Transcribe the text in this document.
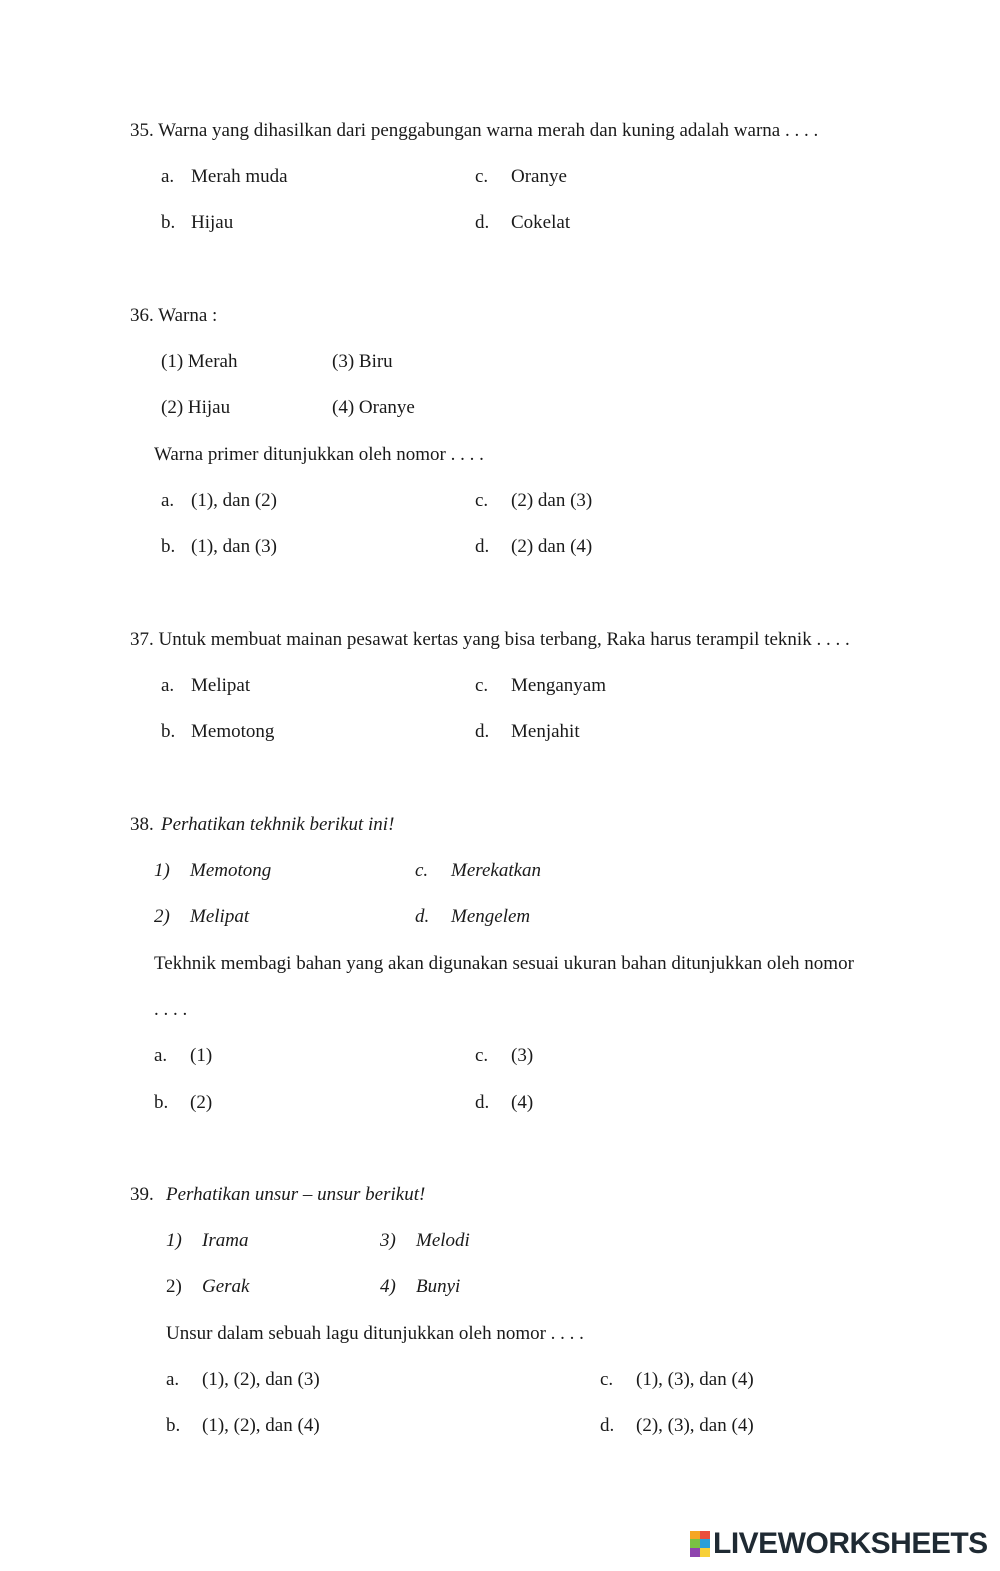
35. Warna yang dihasilkan dari penggabungan warna merah dan kuning adalah warna . . . .
a. Merah muda	c. Oranye
b. Hijau	d. Cokelat
36. Warna :
(1) Merah	(3) Biru
(2) Hijau	(4) Oranye
Warna primer ditunjukkan oleh nomor . . . .
a. (1), dan (2)	c. (2) dan (3)
b. (1), dan (3)	d. (2) dan (4)
37. Untuk membuat mainan pesawat kertas yang bisa terbang, Raka harus terampil teknik . . . .
a. Melipat	c. Menganyam
b. Memotong	d. Menjahit
38. Perhatikan tekhnik berikut ini!
1) Memotong	c. Merekatkan
2) Melipat	d. Mengelem
Tekhnik membagi bahan yang akan digunakan sesuai ukuran bahan ditunjukkan oleh nomor
. . . .
a. (1)	c. (3)
b. (2)	d. (4)
39. Perhatikan unsur – unsur berikut!
1) Irama	3) Melodi
2) Gerak	4) Bunyi
Unsur dalam sebuah lagu ditunjukkan oleh nomor . . . .
a. (1), (2), dan (3)	c. (1), (3), dan (4)
b. (1), (2), dan (4)	d. (2), (3), dan (4)
LIVEWORKSHEETS
